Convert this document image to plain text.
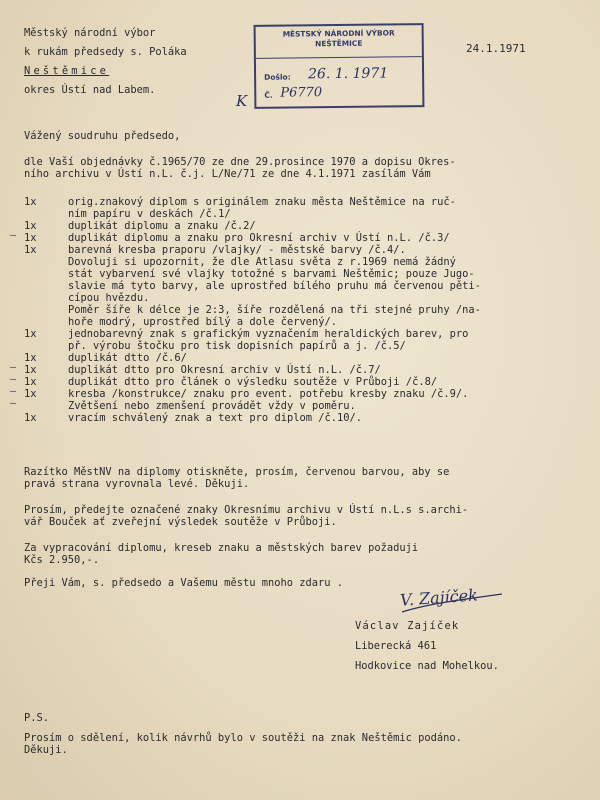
Městský národní výbor
k rukám předsedy s. Poláka
Neštěmice
okres Ústí nad Labem.
24.1.1971
MĚSTSKÝ NÁRODNÍ VÝBOR
NEŠTĚMICE
Došlo: 26. 1. 1971
Č. P6770
K
Vážený soudruhu předsedo,
dle Vaší objednávky č.1965/70 ze dne 29.prosince 1970 a dopisu Okres-
ního archivu v Ústí n.L. č.j. L/Ne/71 ze dne 4.1.1971 zasílám Vám
1x	orig.znakový diplom s originálem znaku města Neštěmice na ruč-
ním papíru v deskách /č.1/
1x	duplikát diplomu a znaku /č.2/
1x	duplikát diplomu a znaku pro Okresní archiv v Ústí n.L. /č.3/
1x	barevná kresba praporu /vlajky/ - městské barvy /č.4/.
Dovoluji si upozornit, že dle Atlasu světa z r.1969 nemá žádný
stát vybarvení své vlajky totožné s barvami Neštěmic; pouze Jugo-
slavie má tyto barvy, ale uprostřed bílého pruhu má červenou pěti-
cípou hvězdu.
Poměr šíře k délce je 2:3, šíře rozdělená na tři stejné pruhy /na-
hoře modrý, uprostřed bílý a dole červený/.
1x	jednobarevný znak s grafickým vyznačením heraldických barev, pro
př. výrobu štočku pro tisk dopisních papírů a j. /č.5/
1x	duplikát dtto /č.6/
1x	duplikát dtto pro Okresní archiv v Ústí n.L. /č.7/
1x	duplikát dtto pro článek o výsledku soutěže v Průboji /č.8/
1x	kresba /konstrukce/ znaku pro event. potřebu kresby znaku /č.9/.
Zvětšení nebo zmenšení provádět vždy v poměru.
1x	vracím schválený znak a text pro diplom /č.10/.
—
—
—
—
—
Razítko MěstNV na diplomy otiskněte, prosím, červenou barvou, aby se
pravá strana vyrovnala levé. Děkuji.
Prosím, předejte označené znaky Okresnímu archivu v Ústí n.L.s s.archi-
vář Bouček ať zveřejní výsledek soutěže v Průboji.
Za vypracování diplomu, kreseb znaku a městských barev požaduji
Kčs 2.950,-.
Přeji Vám, s. předsedo a Vašemu městu mnoho zdaru .
V. Zajíček
Václav Zajíček
Liberecká 461
Hodkovice nad Mohelkou.
P.S.
Prosím o sdělení, kolik návrhů bylo v soutěži na znak Neštěmic podáno.
Děkuji.
